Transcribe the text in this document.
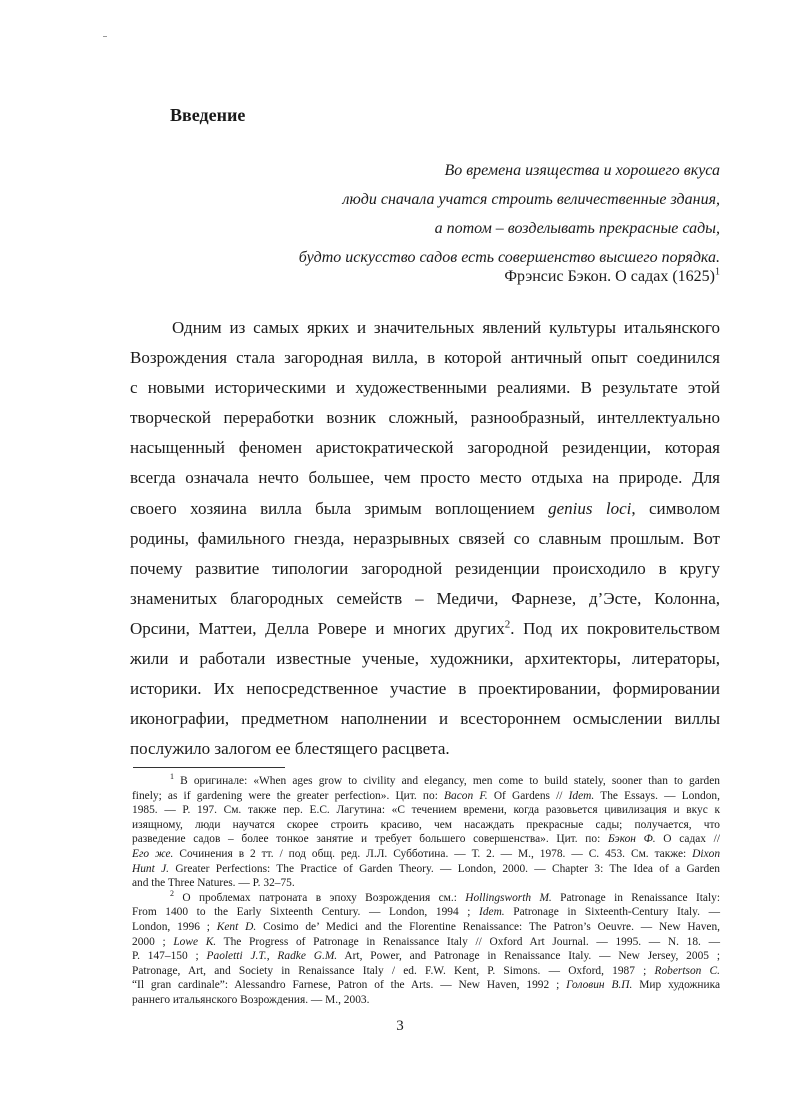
Введение
Во времена изящества и хорошего вкуса
люди сначала учатся строить величественные здания,
а потом – возделывать прекрасные сады,
будто искусство садов есть совершенство высшего порядка.
Фрэнсис Бэкон. О садах $(1625)^1$
Одним из самых ярких и значительных явлений культуры итальянского
Возрождения стала загородная вилла, в которой античный опыт соединился
с новыми историческими и художественными реалиями. В результате этой
творческой переработки возник сложный, разнообразный, интеллектуально
насыщенный феномен аристократической загородной резиденции, которая
всегда означала нечто большее, чем просто место отдыха на природе. Для
своего хозяина вилла была зримым воплощением genius loci, символом
родины, фамильного гнезда, неразрывных связей со славным прошлым. Вот
почему развитие типологии загородной резиденции происходило в кругу
знаменитых благородных семейств – Медичи, Фарнезе, д’Эсте, Колонна,
Орсини, Маттеи, Делла Ровере и многих других$^2$. Под их покровительством
жили и работали известные ученые, художники, архитекторы, литераторы,
историки. Их непосредственное участие в проектировании, формировании
иконографии, предметном наполнении и всестороннем осмыслении виллы
послужило залогом ее блестящего расцвета.
$^1$ В оригинале: «When ages grow to civility and elegancy, men come to build stately, sooner than to garden
finely; as if gardening were the greater perfection». Цит. по: Bacon F. Of Gardens // Idem. The Essays. — London,
1985. — P. 197. См. также пер. Е.С. Лагутина: «С течением времени, когда разовьется цивилизация и вкус к
изящному, люди научатся скорее строить красиво, чем насаждать прекрасные сады; получается, что
разведение садов – более тонкое занятие и требует большего совершенства». Цит. по: Бэкон Ф. О садах //
Его же. Сочинения в 2 тт. / под общ. ред. Л.Л. Субботина. — Т. 2. — М., 1978. — С. 453. См. также: Dixon
Hunt J. Greater Perfections: The Practice of Garden Theory. — London, 2000. — Chapter 3: The Idea of a Garden
and the Three Natures. — P. 32–75.
$^2$ О проблемах патроната в эпоху Возрождения см.: Hollingsworth M. Patronage in Renaissance Italy:
From 1400 to the Early Sixteenth Century. — London, 1994 ; Idem. Patronage in Sixteenth-Century Italy. —
London, 1996 ; Kent D. Cosimo de’ Medici and the Florentine Renaissance: The Patron’s Oeuvre. — New Haven,
2000 ; Lowe K. The Progress of Patronage in Renaissance Italy // Oxford Art Journal. — 1995. — N. 18. —
P. 147–150 ; Paoletti J.T., Radke G.M. Art, Power, and Patronage in Renaissance Italy. — New Jersey, 2005 ;
Patronage, Art, and Society in Renaissance Italy / ed. F.W. Kent, P. Simons. — Oxford, 1987 ; Robertson C.
“Il gran cardinale”: Alessandro Farnese, Patron of the Arts. — New Haven, 1992 ; Головин В.П. Мир художника
раннего итальянского Возрождения. — М., 2003.
3
